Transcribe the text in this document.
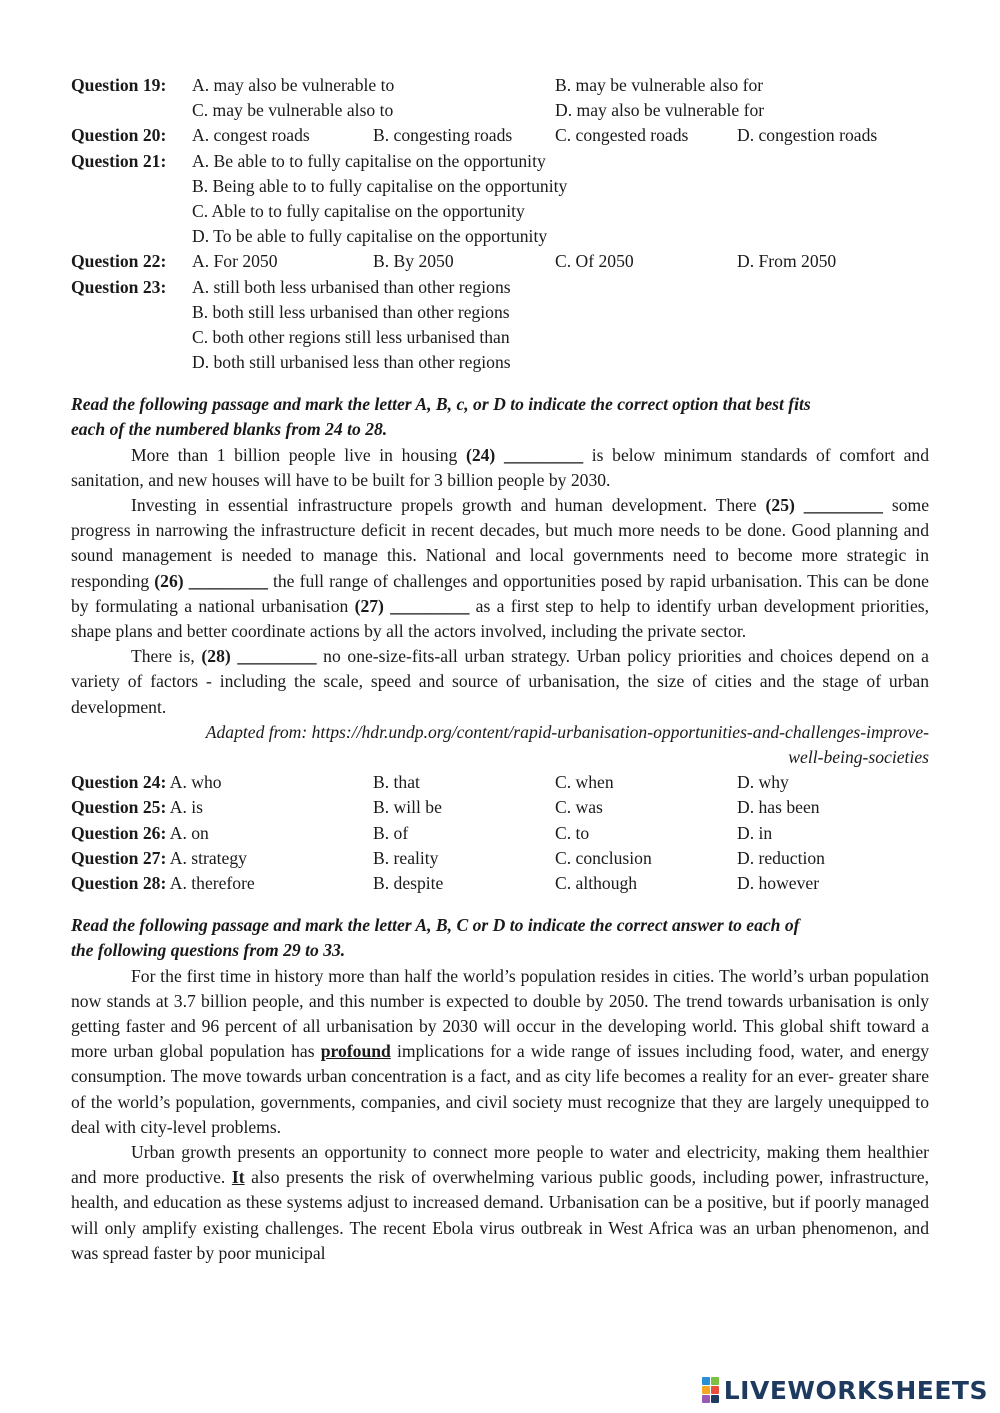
Question 19: A. may also be vulnerable to	B. may be vulnerable also for
C. may be vulnerable also to	D. may also be vulnerable for
Question 20: A. congest roads	B. congesting roads C. congested roads	D. congestion roads
Question 21: A. Be able to to fully capitalise on the opportunity
B. Being able to to fully capitalise on the opportunity
C. Able to to fully capitalise on the opportunity
D. To be able to fully capitalise on the opportunity
Question 22: A. For 2050	B. By 2050	C. Of 2050	D. From 2050
Question 23: A. still both less urbanised than other regions
B. both still less urbanised than other regions
C. both other regions still less urbanised than
D. both still urbanised less than other regions
Read the following passage and mark the letter A, B, c, or D to indicate the correct option that best fits
each of the numbered blanks from 24 to 28.

More than 1 billion people live in housing (24) _________ is below minimum standards of comfort and sanitation, and new houses will have to be built for 3 billion people by 2030.

Investing in essential infrastructure propels growth and human development. There (25) _________ some progress in narrowing the infrastructure deficit in recent decades, but much more needs to be done. Good planning and sound management is needed to manage this. National and local governments need to become more strategic in responding (26) _________ the full range of challenges and opportunities posed by rapid urbanisation. This can be done by formulating a national urbanisation (27) _________ as a first step to help to identify urban development priorities, shape plans and better coordinate actions by all the actors involved, including the private sector.

There is, (28) _________ no one-size-fits-all urban strategy. Urban policy priorities and choices depend on a variety of factors - including the scale, speed and source of urbanisation, the size of cities and the stage of urban development.

Adapted from: https://hdr.undp.org/content/rapid-urbanisation-opportunities-and-challenges-improve-
well-being-societies
Question 24: A. who	B. that	C. when	D. why
Question 25: A. is	B. will be	C. was	D. has been
Question 26: A. on	B. of	C. to	D. in
Question 27: A. strategy	B. reality	C. conclusion	D. reduction
Question 28: A. therefore	B. despite	C. although	D. however
Read the following passage and mark the letter A, B, C or D to indicate the correct answer to each of
the following questions from 29 to 33.

For the first time in history more than half the world’s population resides in cities. The world’s urban population now stands at 3.7 billion people, and this number is expected to double by 2050. The trend towards urbanisation is only getting faster and 96 percent of all urbanisation by 2030 will occur in the developing world. This global shift toward a more urban global population has profound implications for a wide range of issues including food, water, and energy consumption. The move towards urban concentration is a fact, and as city life becomes a reality for an ever- greater share of the world’s population, governments, companies, and civil society must recognize that they are largely unequipped to deal with city-level problems.

Urban growth presents an opportunity to connect more people to water and electricity, making them healthier and more productive. It also presents the risk of overwhelming various public goods, including power, infrastructure, health, and education as these systems adjust to increased demand. Urbanisation can be a positive, but if poorly managed will only amplify existing challenges. The recent Ebola virus outbreak in West Africa was an urban phenomenon, and was spread faster by poor municipal

LIVEWORKSHEETS
